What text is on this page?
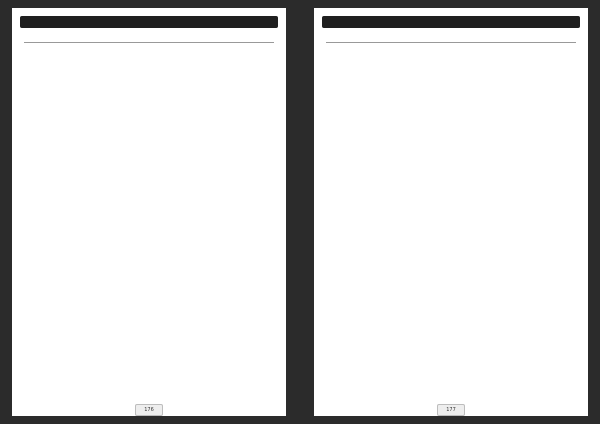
176	177
